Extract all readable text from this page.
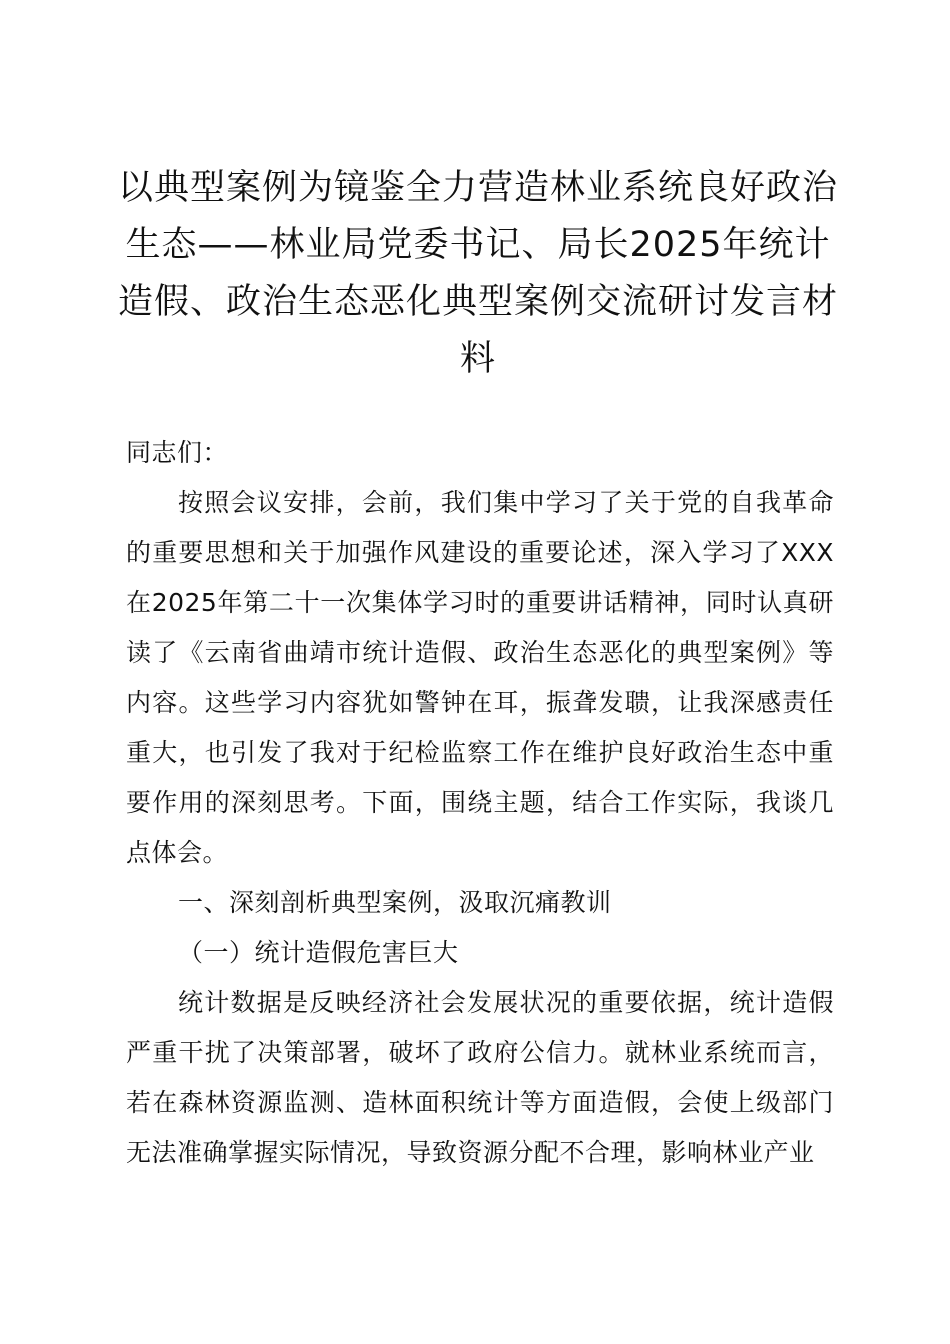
以典型案例为镜鉴全力营造林业系统良好政治生态——林业局党委书记、局长2025年统计造假、政治生态恶化典型案例交流研讨发言材料

同志们：

按照会议安排，会前，我们集中学习了关于党的自我革命的重要思想和关于加强作风建设的重要论述，深入学习了XXX在2025年第二十一次集体学习时的重要讲话精神，同时认真研读了《云南省曲靖市统计造假、政治生态恶化的典型案例》等内容。这些学习内容犹如警钟在耳，振聋发聩，让我深感责任重大，也引发了我对于纪检监察工作在维护良好政治生态中重要作用的深刻思考。下面，围绕主题，结合工作实际，我谈几点体会。

一、深刻剖析典型案例，汲取沉痛教训

（一）统计造假危害巨大

统计数据是反映经济社会发展状况的重要依据，统计造假严重干扰了决策部署，破坏了政府公信力。就林业系统而言，若在森林资源监测、造林面积统计等方面造假，会使上级部门无法准确掌握实际情况，导致资源分配不合理，影响林业产业
